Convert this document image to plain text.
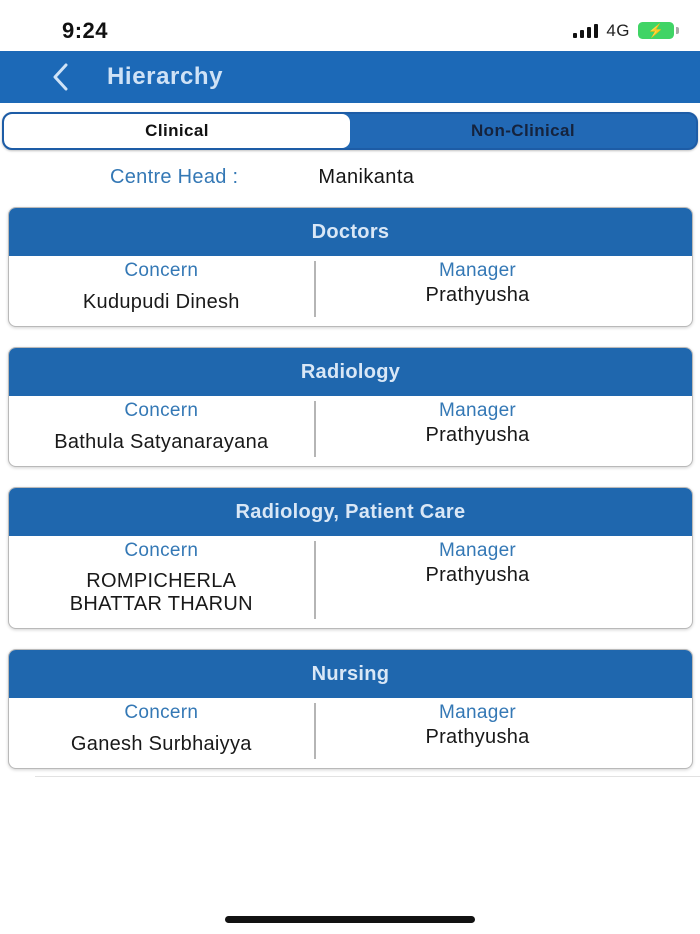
9:24	4G ⚡
Hierarchy
Clinical	Non-Clinical
Centre Head :	Manikanta
Doctors
Concern
Kudupudi Dinesh
Manager
Prathyusha
Radiology
Concern
Bathula Satyanarayana
Manager
Prathyusha
Radiology, Patient Care
Concern
ROMPICHERLA BHATTAR THARUN
Manager
Prathyusha
Nursing
Concern
Ganesh Surbhaiyya
Manager
Prathyusha
